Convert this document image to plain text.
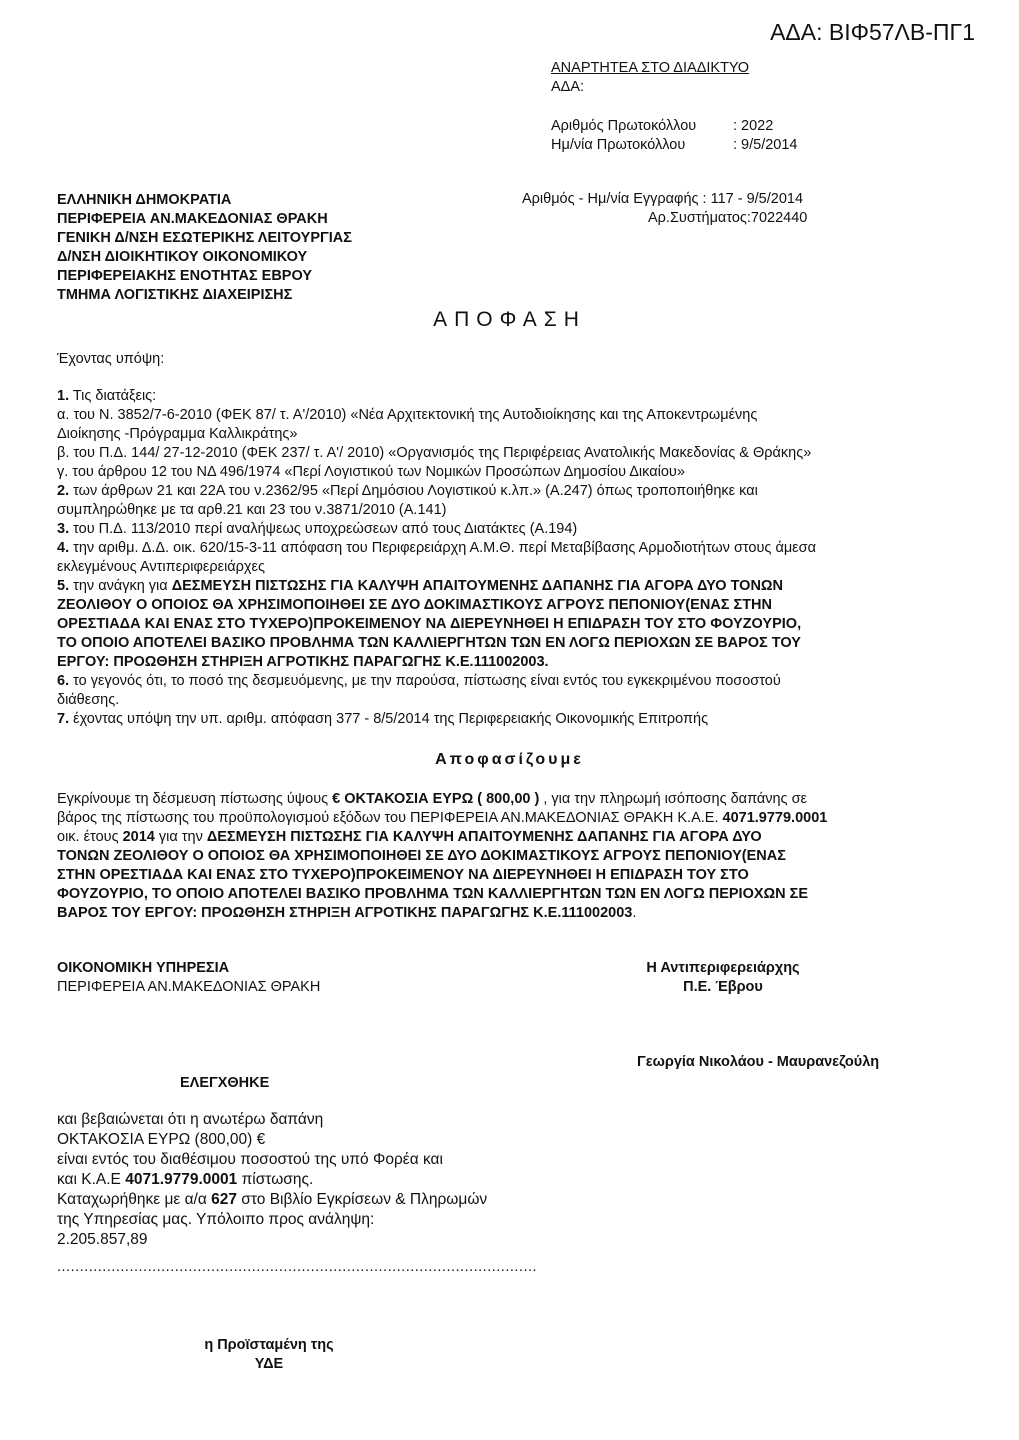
ΑΔΑ: ΒΙΦ57ΛΒ-ΠΓ1
ΑΝΑΡΤΗΤΕΑ ΣΤΟ ΔΙΑΔΙΚΤΥΟ
ΑΔΑ:
Αριθμός Πρωτοκόλλου	: 2022
Ημ/νία Πρωτοκόλλου	: 9/5/2014
Αριθμός - Ημ/νία Εγγραφής : 117 - 9/5/2014
Αρ.Συστήματος:7022440
ΕΛΛΗΝΙΚΗ ΔΗΜΟΚΡΑΤΙΑ
ΠΕΡΙΦΕΡΕΙΑ ΑΝ.ΜΑΚΕΔΟΝΙΑΣ ΘΡΑΚΗ
ΓΕΝΙΚΗ Δ/ΝΣΗ ΕΣΩΤΕΡΙΚΗΣ ΛΕΙΤΟΥΡΓΙΑΣ
Δ/ΝΣΗ ΔΙΟΙΚΗΤΙΚΟΥ ΟΙΚΟΝΟΜΙΚΟΥ
ΠΕΡΙΦΕΡΕΙΑΚΗΣ ΕΝΟΤΗΤΑΣ ΕΒΡΟΥ
ΤΜΗΜΑ ΛΟΓΙΣΤΙΚΗΣ ΔΙΑΧΕΙΡΙΣΗΣ
ΑΠΟΦΑΣΗ
Έχοντας υπόψη:
1. Τις διατάξεις:
α. του Ν. 3852/7-6-2010 (ΦΕΚ 87/ τ. Α'/2010) «Νέα Αρχιτεκτονική της Αυτοδιοίκησης και της Αποκεντρωμένης
Διοίκησης -Πρόγραμμα Καλλικράτης»
β. του Π.Δ. 144/ 27-12-2010 (ΦΕΚ 237/ τ. Α'/ 2010) «Οργανισμός της Περιφέρειας Ανατολικής Μακεδονίας & Θράκης»
γ. του άρθρου 12 του ΝΔ 496/1974 «Περί Λογιστικού των Νομικών Προσώπων Δημοσίου Δικαίου»
2. των άρθρων 21 και 22Α του ν.2362/95 «Περί Δημόσιου Λογιστικού κ.λπ.» (Α.247) όπως τροποποιήθηκε και
συμπληρώθηκε με τα αρθ.21 και 23 του ν.3871/2010 (Α.141)
3. του Π.Δ. 113/2010 περί αναλήψεως υποχρεώσεων από τους Διατάκτες (Α.194)
4. την αριθμ. Δ.Δ. οικ. 620/15-3-11 απόφαση του Περιφερειάρχη Α.Μ.Θ. περί Μεταβίβασης Αρμοδιοτήτων στους άμεσα
εκλεγμένους Αντιπεριφερειάρχες
5. την ανάγκη για ΔΕΣΜΕΥΣΗ ΠΙΣΤΩΣΗΣ ΓΙΑ ΚΑΛΥΨΗ ΑΠΑΙΤΟΥΜΕΝΗΣ ΔΑΠΑΝΗΣ ΓΙΑ ΑΓΟΡΑ ΔΥΟ ΤΟΝΩΝ
ΖΕΟΛΙΘΟΥ Ο ΟΠΟΙΟΣ ΘΑ ΧΡΗΣΙΜΟΠΟΙΗΘΕΙ ΣΕ ΔΥΟ ΔΟΚΙΜΑΣΤΙΚΟΥΣ ΑΓΡΟΥΣ ΠΕΠΟΝΙΟΥ(ΕΝΑΣ ΣΤΗΝ
ΟΡΕΣΤΙΑΔΑ ΚΑΙ ΕΝΑΣ ΣΤΟ ΤΥΧΕΡΟ)ΠΡΟΚΕΙΜΕΝΟΥ ΝΑ ΔΙΕΡΕΥΝΗΘΕΙ Η ΕΠΙΔΡΑΣΗ ΤΟΥ ΣΤΟ ΦΟΥΖΟΥΡΙΟ,
ΤΟ ΟΠΟΙΟ ΑΠΟΤΕΛΕΙ ΒΑΣΙΚΟ ΠΡΟΒΛΗΜΑ ΤΩΝ ΚΑΛΛΙΕΡΓΗΤΩΝ ΤΩΝ ΕΝ ΛΟΓΩ ΠΕΡΙΟΧΩΝ ΣΕ ΒΑΡΟΣ ΤΟΥ
ΕΡΓΟΥ: ΠΡΟΩΘΗΣΗ ΣΤΗΡΙΞΗ ΑΓΡΟΤΙΚΗΣ ΠΑΡΑΓΩΓΗΣ Κ.Ε.111002003.
6. το γεγονός ότι, το ποσό της δεσμευόμενης, με την παρούσα, πίστωσης είναι εντός του εγκεκριμένου ποσοστού
διάθεσης.
7. έχοντας υπόψη την υπ. αριθμ. απόφαση 377 - 8/5/2014 της Περιφερειακής Οικονομικής Επιτροπής
Αποφασίζουμε
Εγκρίνουμε τη δέσμευση πίστωσης ύψους € ΟΚΤΑΚΟΣΙΑ ΕΥΡΩ ( 800,00 ) , για την πληρωμή ισόποσης δαπάνης σε
βάρος της πίστωσης του προϋπολογισμού εξόδων του ΠΕΡΙΦΕΡΕΙΑ ΑΝ.ΜΑΚΕΔΟΝΙΑΣ ΘΡΑΚΗ Κ.Α.Ε. 4071.9779.0001
οικ. έτους 2014 για την ΔΕΣΜΕΥΣΗ ΠΙΣΤΩΣΗΣ ΓΙΑ ΚΑΛΥΨΗ ΑΠΑΙΤΟΥΜΕΝΗΣ ΔΑΠΑΝΗΣ ΓΙΑ ΑΓΟΡΑ ΔΥΟ
ΤΟΝΩΝ ΖΕΟΛΙΘΟΥ Ο ΟΠΟΙΟΣ ΘΑ ΧΡΗΣΙΜΟΠΟΙΗΘΕΙ ΣΕ ΔΥΟ ΔΟΚΙΜΑΣΤΙΚΟΥΣ ΑΓΡΟΥΣ ΠΕΠΟΝΙΟΥ(ΕΝΑΣ
ΣΤΗΝ ΟΡΕΣΤΙΑΔΑ ΚΑΙ ΕΝΑΣ ΣΤΟ ΤΥΧΕΡΟ)ΠΡΟΚΕΙΜΕΝΟΥ ΝΑ ΔΙΕΡΕΥΝΗΘΕΙ Η ΕΠΙΔΡΑΣΗ ΤΟΥ ΣΤΟ
ΦΟΥΖΟΥΡΙΟ, ΤΟ ΟΠΟΙΟ ΑΠΟΤΕΛΕΙ ΒΑΣΙΚΟ ΠΡΟΒΛΗΜΑ ΤΩΝ ΚΑΛΛΙΕΡΓΗΤΩΝ ΤΩΝ ΕΝ ΛΟΓΩ ΠΕΡΙΟΧΩΝ ΣΕ
ΒΑΡΟΣ ΤΟΥ ΕΡΓΟΥ: ΠΡΟΩΘΗΣΗ ΣΤΗΡΙΞΗ ΑΓΡΟΤΙΚΗΣ ΠΑΡΑΓΩΓΗΣ Κ.Ε.111002003.
ΟΙΚΟΝΟΜΙΚΗ ΥΠΗΡΕΣΙΑ
ΠΕΡΙΦΕΡΕΙΑ ΑΝ.ΜΑΚΕΔΟΝΙΑΣ ΘΡΑΚΗ
Η Αντιπεριφερειάρχης
Π.Ε. Έβρου
Γεωργία Νικολάου - Μαυρανεζούλη
ΕΛΕΓΧΘΗΚΕ
και βεβαιώνεται ότι η ανωτέρω δαπάνη
ΟΚΤΑΚΟΣΙΑ ΕΥΡΩ (800,00) €
είναι εντός του διαθέσιμου ποσοστού της υπό Φορέα και
και Κ.Α.Ε 4071.9779.0001 πίστωσης.
Καταχωρήθηκε με α/α 627 στο Βιβλίο Εγκρίσεων & Πληρωμών
της Υπηρεσίας μας. Υπόλοιπο προς ανάληψη:
2.205.857,89
..........................................................................................................
η Προϊσταμένη της
ΥΔΕ
